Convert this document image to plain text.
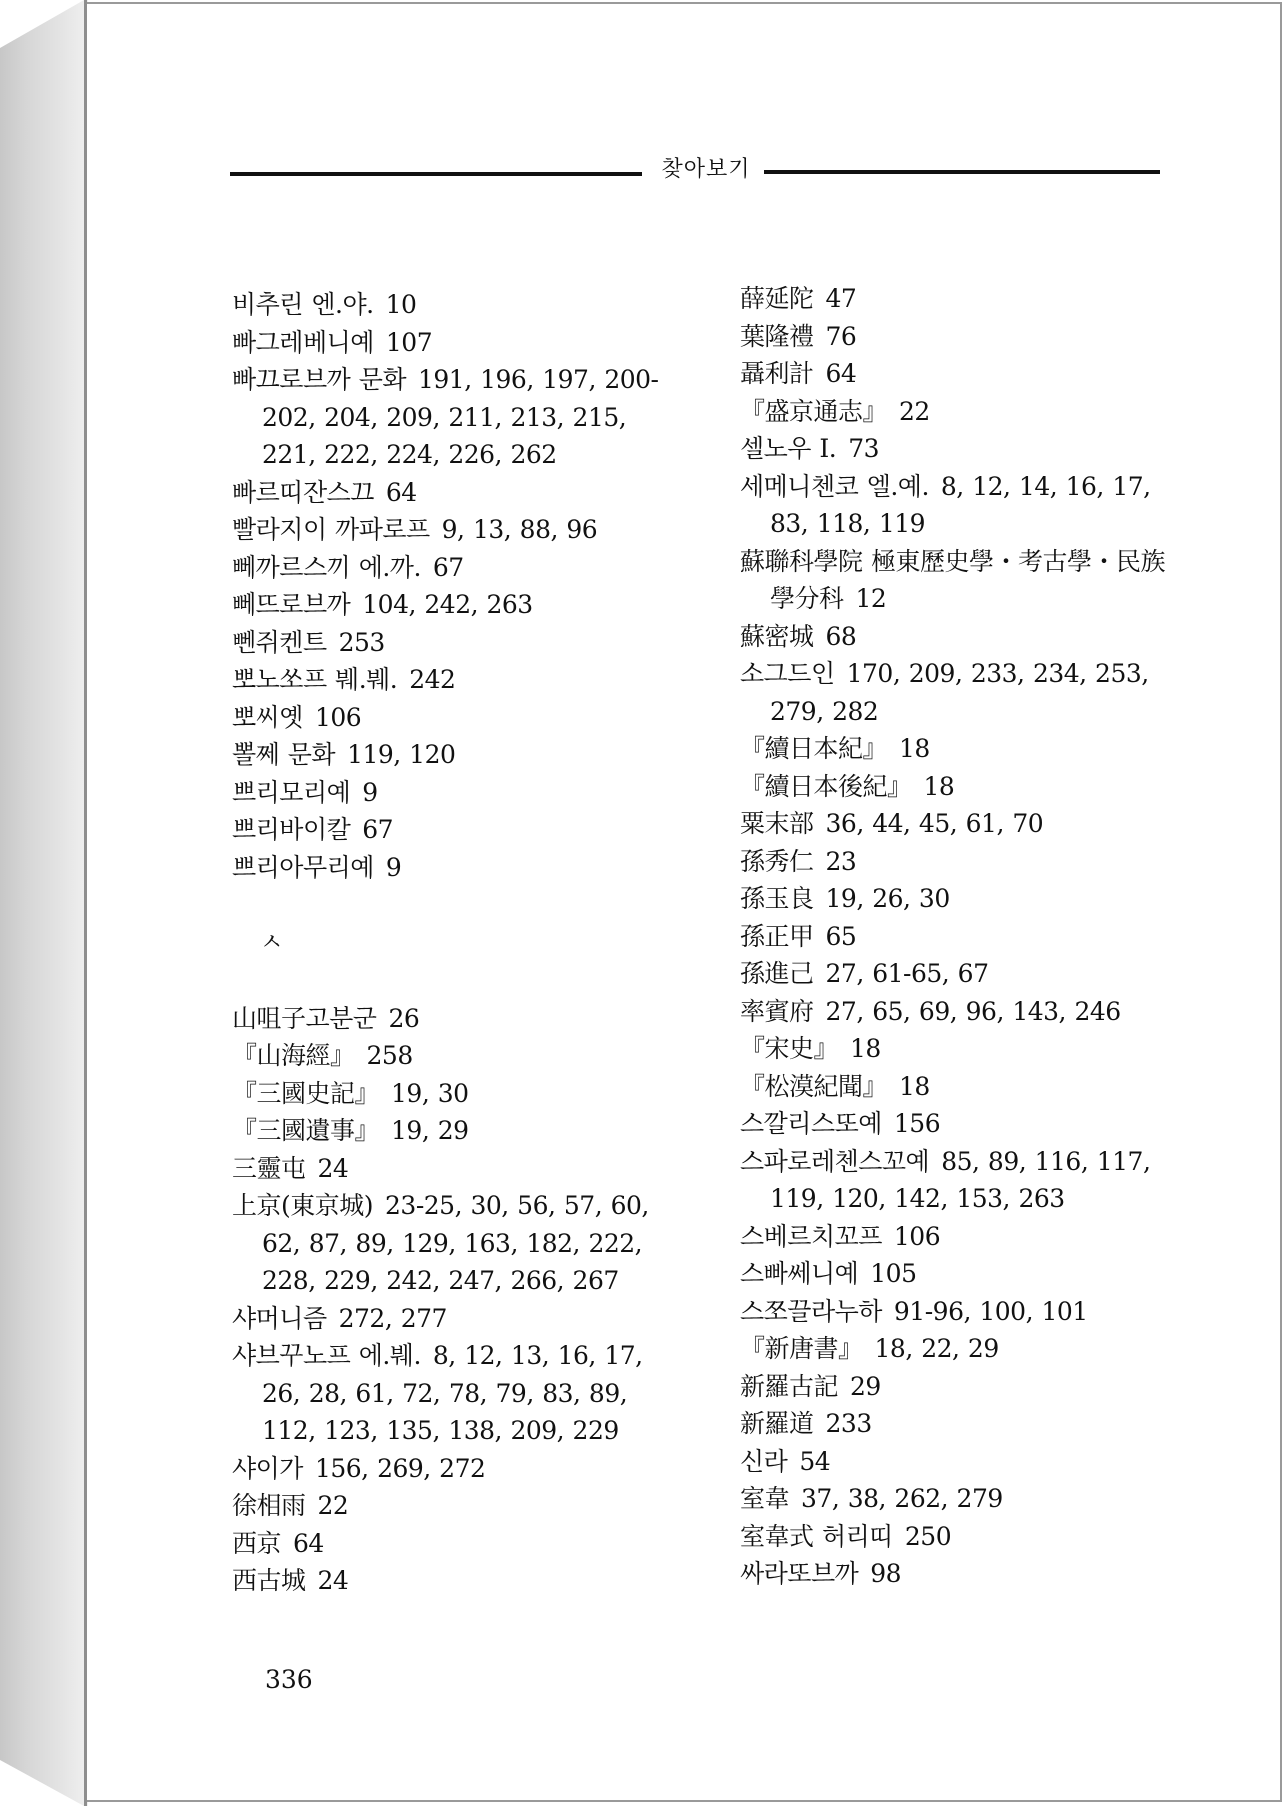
찾아보기
비추린 엔.야. 10
빠그레베니예 107
빠끄로브까 문화 191, 196, 197, 200-202, 204, 209, 211, 213, 215, 221, 222, 224, 226, 262
빠르띠잔스끄 64
빨라지이 까파로프 9, 13, 88, 96
뻬까르스끼 에.까. 67
뻬뜨로브까 104, 242, 263
뻰쥐켄트 253
뽀노쏘프 붸.붸. 242
뽀씨옛 106
뽈쩨 문화 119, 120
쁘리모리예 9
쁘리바이칼 67
쁘리아무리예 9
ㅅ
山咀子고분군 26
『山海經』 258
『三國史記』 19, 30
『三國遺事』 19, 29
三靈屯 24
上京(東京城) 23-25, 30, 56, 57, 60, 62, 87, 89, 129, 163, 182, 222, 228, 229, 242, 247, 266, 267
샤머니즘 272, 277
샤브꾸노프 에.붸. 8, 12, 13, 16, 17, 26, 28, 61, 72, 78, 79, 83, 89, 112, 123, 135, 138, 209, 229
샤이가 156, 269, 272
徐相雨 22
西京 64
西古城 24
薛延陀 47
葉隆禮 76
聶利計 64
『盛京通志』 22
셀노우 I. 73
세메니첸코 엘.예. 8, 12, 14, 16, 17, 83, 118, 119
蘇聯科學院 極東歷史學・考古學・民族學分科 12
蘇密城 68
소그드인 170, 209, 233, 234, 253, 279, 282
『續日本紀』 18
『續日本後紀』 18
粟末部 36, 44, 45, 61, 70
孫秀仁 23
孫玉良 19, 26, 30
孫正甲 65
孫進己 27, 61-65, 67
率賓府 27, 65, 69, 96, 143, 246
『宋史』 18
『松漠紀聞』 18
스깔리스또예 156
스파로레첸스꼬예 85, 89, 116, 117, 119, 120, 142, 153, 263
스베르치꼬프 106
스빠쎄니예 105
스쪼끌라누하 91-96, 100, 101
『新唐書』 18, 22, 29
新羅古記 29
新羅道 233
신라 54
室韋 37, 38, 262, 279
室韋式 허리띠 250
싸라또브까 98
336
